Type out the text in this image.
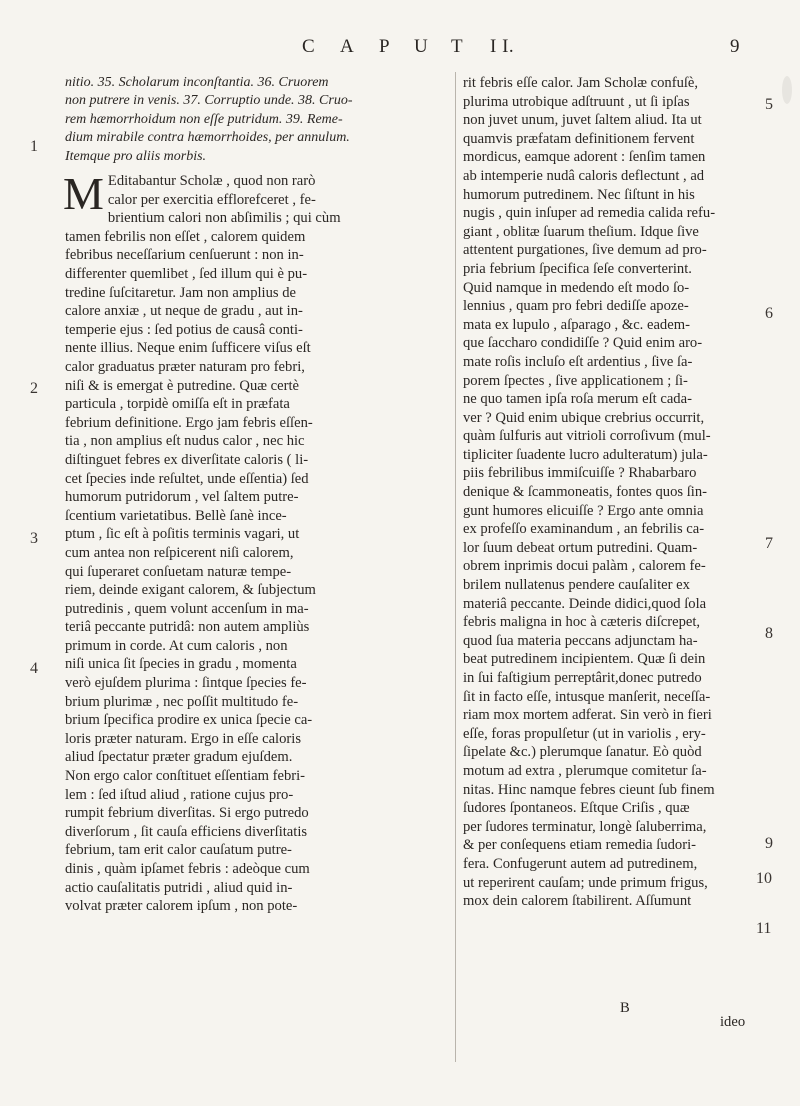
C A P U T I I.	9
nitio. 35. Scholarum inconſtantia. 36. Cruorem
non putrere in venis. 37. Corruptio unde. 38. Cruo-
rem hæmorrhoidum non eſſe putridum. 39. Reme-
dium mirabile contra hæmorrhoides, per annulum.
Itemque pro aliis morbis.
M Editabantur Scholæ , quod non rarò
calor per exercitia efflorefceret , fe-
brientium calori non abſimilis ; qui cùm
tamen febrilis non eſſet , calorem quidem
febribus neceſſarium cenſuerunt : non in-
differenter quemlibet , ſed illum qui è pu-
tredine ſuſcitaretur. Jam non amplius de
calore anxiæ , ut neque de gradu , aut in-
temperie ejus : ſed potius de causâ conti-
nente illius. Neque enim ſufficere viſus eſt
calor graduatus præter naturam pro febri,
niſi & is emergat è putredine. Quæ certè
particula , torpidè omiſſa eſt in præfata
febrium definitione. Ergo jam febris eſſen-
tia , non amplius eſt nudus calor , nec hic
diſtinguet febres ex diverſitate caloris ( li-
cet ſpecies inde reſultet, unde eſſentia) ſed
humorum putridorum , vel ſaltem putre-
ſcentium varietatibus. Bellè ſanè ince-
ptum , ſic eſt à poſitis terminis vagari, ut
cum antea non reſpicerent niſi calorem,
qui ſuperaret conſuetam naturæ tempe-
riem, deinde exigant calorem, & ſubjectum
putredinis , quem volunt accenſum in ma-
teriâ peccante putridâ: non autem ampliùs
primum in corde. At cum caloris , non
niſi unica ſit ſpecies in gradu , momenta
verò ejuſdem plurima : ſintque ſpecies fe-
brium plurimæ , nec poſſit multitudo fe-
brium ſpecifica prodire ex unica ſpecie ca-
loris præter naturam. Ergo in eſſe caloris
aliud ſpectatur præter gradum ejuſdem.
Non ergo calor conſtituet eſſentiam febri-
lem : ſed iſtud aliud , ratione cujus pro-
rumpit febrium diverſitas. Si ergo putredo
diverſorum , ſit cauſa efficiens diverſitatis
febrium, tam erit calor cauſatum putre-
dinis , quàm ipſamet febris : adeòque cum
actio cauſalitatis putridi , aliud quid in-
volvat præter calorem ipſum , non pote-
rit febris eſſe calor. Jam Scholæ confuſè,
plurima utrobique adſtruunt , ut ſi ipſas
non juvet unum, juvet ſaltem aliud. Ita ut
quamvis præfatam definitionem fervent
mordicus, eamque adorent : ſenſim tamen
ab intemperie nudâ caloris deflectunt , ad
humorum putredinem. Nec ſiſtunt in his
nugis , quin inſuper ad remedia calida refu-
giant , oblitæ ſuarum theſium. Idque ſive
attentent purgationes, ſive demum ad pro-
pria febrium ſpecifica ſeſe converterint.
Quid namque in medendo eſt modo ſo-
lennius , quam pro febri dediſſe apoze-
mata ex lupulo , aſparago , &c. eadem-
que ſaccharo condidiſſe ? Quid enim aro-
mate roſis incluſo eſt ardentius , ſive ſa-
porem ſpectes , ſive applicationem ; ſi-
ne quo tamen ipſa roſa merum eſt cada-
ver ? Quid enim ubique crebrius occurrit,
quàm ſulfuris aut vitrioli corroſivum (mul-
tipliciter ſuadente lucro adulteratum) jula-
piis febrilibus immiſcuiſſe ? Rhabarbaro
denique & ſcammoneatis, fontes quos ſin-
gunt humores elicuiſſe ? Ergo ante omnia
ex profeſſo examinandum , an febrilis ca-
lor ſuum debeat ortum putredini. Quam-
obrem inprimis docui palàm , calorem fe-
brilem nullatenus pendere cauſaliter ex
materiâ peccante. Deinde didici,quod ſola
febris maligna in hoc à cæteris diſcrepet,
quod ſua materia peccans adjunctam ha-
beat putredinem incipientem. Quæ ſi dein
in ſui faſtigium perreptârit,donec putredo
ſit in facto eſſe, intusque manſerit, neceſſa-
riam mox mortem adferat. Sin verò in fieri
eſſe, foras propulſetur (ut in variolis , ery-
ſipelate &c.) plerumque ſanatur. Eò quòd
motum ad extra , plerumque comitetur ſa-
nitas. Hinc namque febres cieunt ſub finem
ſudores ſpontaneos. Eſtque Criſis , quæ
per ſudores terminatur, longè ſaluberrima,
& per conſequens etiam remedia ſudori-
fera. Confugerunt autem ad putredinem,
ut reperirent cauſam; unde primum frigus,
mox dein calorem ſtabilirent. Aſſumunt
B
ideo
1
2
3
4
5
6
7
8
9
10
11
